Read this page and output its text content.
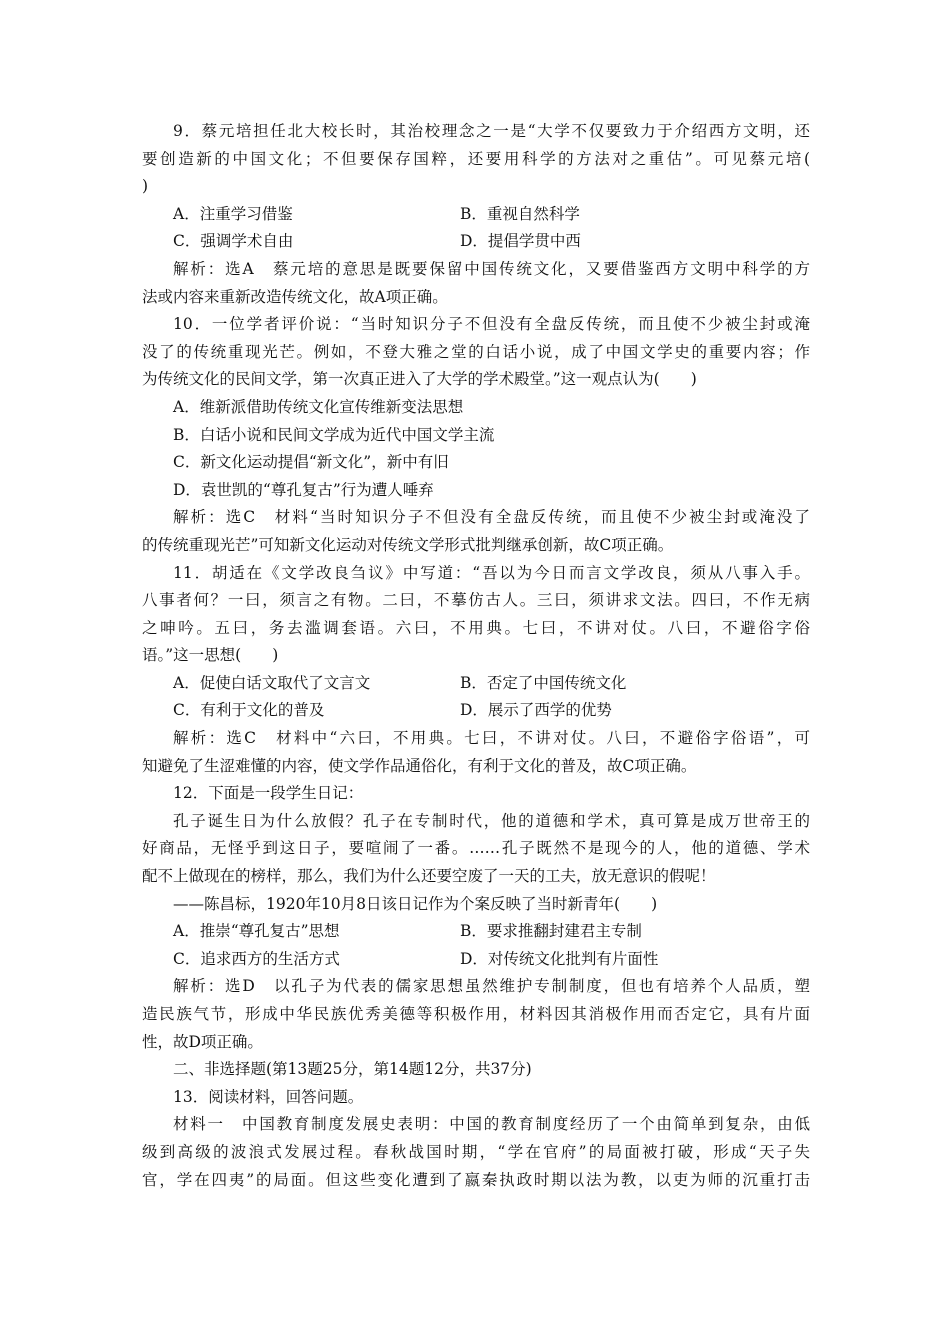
9．蔡元培担任北大校长时，其治校理念之一是“大学不仅要致力于介绍西方文明，还
要创造新的中国文化；不但要保存国粹，还要用科学的方法对之重估”。可见蔡元培(
)
A．注重学习借鉴	B．重视自然科学
C．强调学术自由	D．提倡学贯中西
解析：选A　蔡元培的意思是既要保留中国传统文化，又要借鉴西方文明中科学的方
法或内容来重新改造传统文化，故A项正确。
10．一位学者评价说：“当时知识分子不但没有全盘反传统，而且使不少被尘封或淹
没了的传统重现光芒。例如，不登大雅之堂的白话小说，成了中国文学史的重要内容；作
为传统文化的民间文学，第一次真正进入了大学的学术殿堂。”这一观点认为(　　)
A．维新派借助传统文化宣传维新变法思想
B．白话小说和民间文学成为近代中国文学主流
C．新文化运动提倡“新文化”，新中有旧
D．袁世凯的“尊孔复古”行为遭人唾弃
解析：选C　材料“当时知识分子不但没有全盘反传统，而且使不少被尘封或淹没了
的传统重现光芒”可知新文化运动对传统文学形式批判继承创新，故C项正确。
11．胡适在《文学改良刍议》中写道：“吾以为今日而言文学改良，须从八事入手。
八事者何？一曰，须言之有物。二曰，不摹仿古人。三曰，须讲求文法。四曰，不作无病
之呻吟。五曰，务去滥调套语。六曰，不用典。七曰，不讲对仗。八曰，不避俗字俗
语。”这一思想(　　)
A．促使白话文取代了文言文	B．否定了中国传统文化
C．有利于文化的普及	D．展示了西学的优势
解析：选C　材料中“六曰，不用典。七曰，不讲对仗。八曰，不避俗字俗语”，可
知避免了生涩难懂的内容，使文学作品通俗化，有利于文化的普及，故C项正确。
12．下面是一段学生日记：
孔子诞生日为什么放假？孔子在专制时代，他的道德和学术，真可算是成万世帝王的
好商品，无怪乎到这日子，要喧闹了一番。……孔子既然不是现今的人，他的道德、学术
配不上做现在的榜样，那么，我们为什么还要空废了一天的工夫，放无意识的假呢！
——陈昌标，1920年10月8日该日记作为个案反映了当时新青年(　　)
A．推崇“尊孔复古”思想	B．要求推翻封建君主专制
C．追求西方的生活方式	D．对传统文化批判有片面性
解析：选D　以孔子为代表的儒家思想虽然维护专制制度，但也有培养个人品质，塑
造民族气节，形成中华民族优秀美德等积极作用，材料因其消极作用而否定它，具有片面
性，故D项正确。
二、非选择题(第13题25分，第14题12分，共37分)
13．阅读材料，回答问题。
材料一　中国教育制度发展史表明：中国的教育制度经历了一个由简单到复杂，由低
级到高级的波浪式发展过程。春秋战国时期，“学在官府”的局面被打破，形成“天子失
官，学在四夷”的局面。但这些变化遭到了嬴秦执政时期以法为教，以吏为师的沉重打击
